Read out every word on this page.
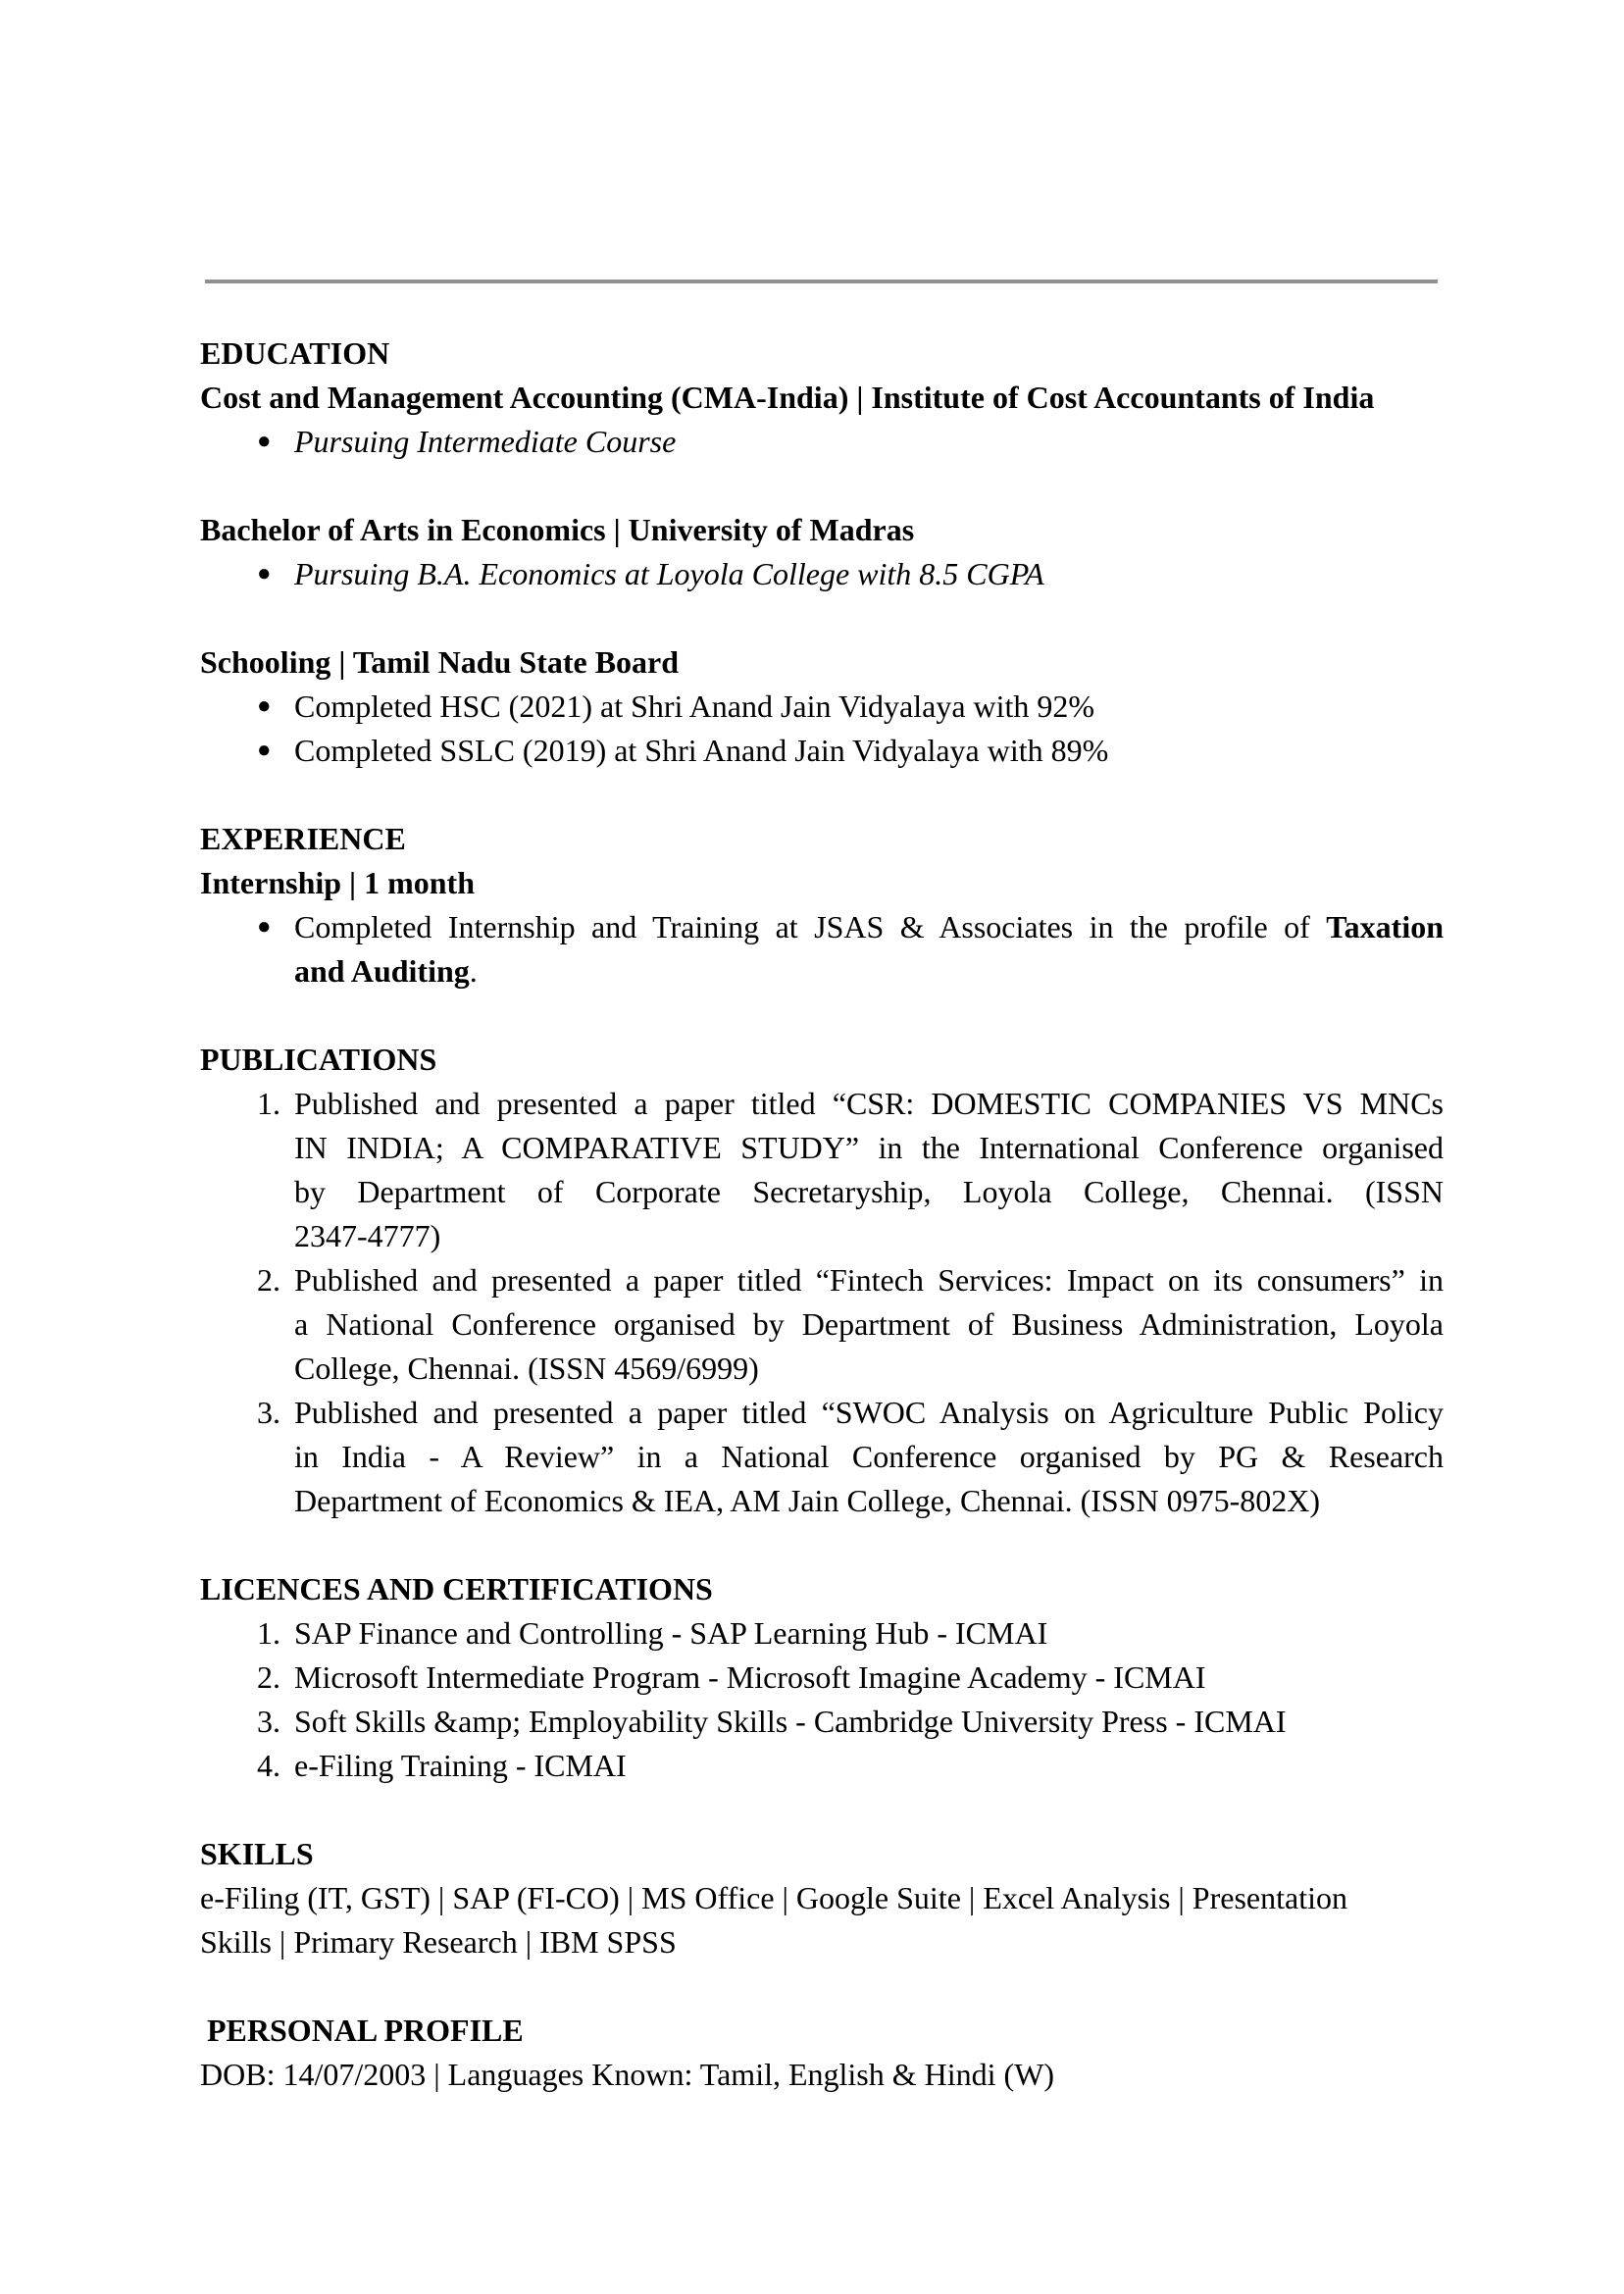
EDUCATION

Cost and Management Accounting (CMA-India) | Institute of Cost Accountants of India

● Pursuing Intermediate Course

Bachelor of Arts in Economics | University of Madras

● Pursuing B.A. Economics at Loyola College with 8.5 CGPA

Schooling | Tamil Nadu State Board

● Completed HSC (2021) at Shri Anand Jain Vidyalaya with 92%
● Completed SSLC (2019) at Shri Anand Jain Vidyalaya with 89%

EXPERIENCE

Internship | 1 month

● Completed Internship and Training at JSAS & Associates in the profile of Taxation
and Auditing.

PUBLICATIONS

1. Published and presented a paper titled “CSR: DOMESTIC COMPANIES VS MNCs
IN INDIA; A COMPARATIVE STUDY” in the International Conference organised
by Department of Corporate Secretaryship, Loyola College, Chennai. (ISSN
2347-4777)
2. Published and presented a paper titled “Fintech Services: Impact on its consumers” in
a National Conference organised by Department of Business Administration, Loyola
College, Chennai. (ISSN 4569/6999)
3. Published and presented a paper titled “SWOC Analysis on Agriculture Public Policy
in India - A Review” in a National Conference organised by PG & Research
Department of Economics & IEA, AM Jain College, Chennai. (ISSN 0975-802X)

LICENCES AND CERTIFICATIONS

1. SAP Finance and Controlling - SAP Learning Hub - ICMAI
2. Microsoft Intermediate Program - Microsoft Imagine Academy - ICMAI
3. Soft Skills &amp; Employability Skills - Cambridge University Press - ICMAI
4. e-Filing Training - ICMAI

SKILLS

e-Filing (IT, GST) | SAP (FI-CO) | MS Office | Google Suite | Excel Analysis | Presentation
Skills | Primary Research | IBM SPSS

PERSONAL PROFILE

DOB: 14/07/2003 | Languages Known: Tamil, English & Hindi (W)
